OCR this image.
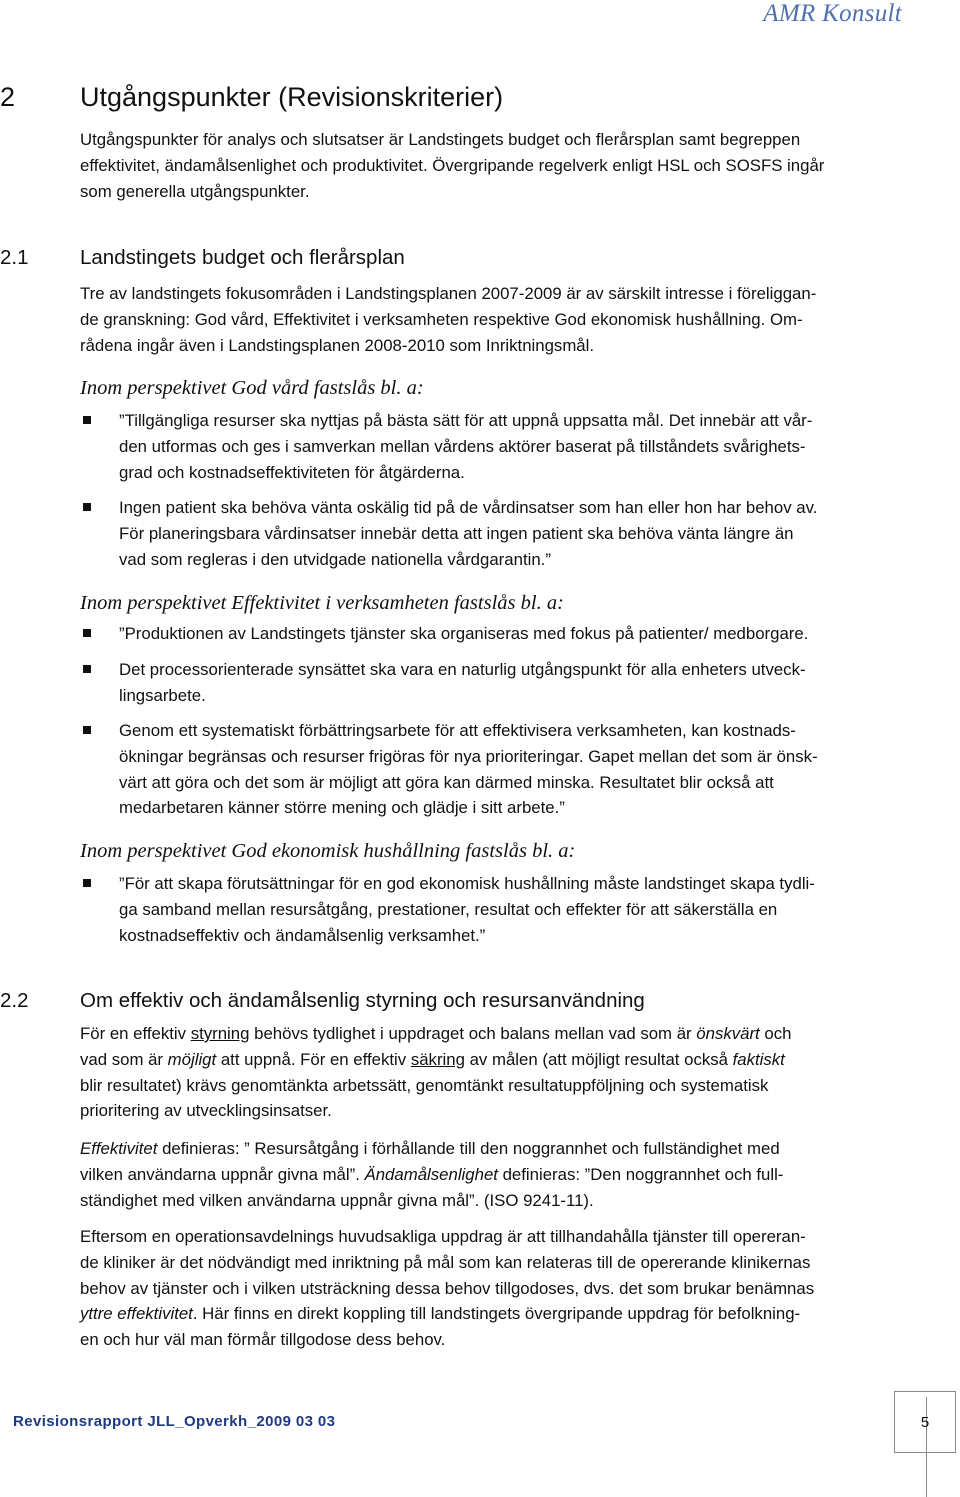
AMR Konsult
2 Utgångspunkter (Revisionskriterier)
Utgångspunkter för analys och slutsatser är Landstingets budget och flerårsplan samt begreppen
effektivitet, ändamålsenlighet och produktivitet. Övergripande regelverk enligt HSL och SOSFS ingår
som generella utgångspunkter.
2.1	Landstingets budget och flerårsplan
Tre av landstingets fokusområden i Landstingsplanen 2007-2009 är av särskilt intresse i föreliggan-
de granskning: God vård, Effektivitet i verksamheten respektive God ekonomisk hushållning. Om-
rådena ingår även i Landstingsplanen 2008-2010 som Inriktningsmål.
Inom perspektivet God vård fastslås bl. a:
”Tillgängliga resurser ska nyttjas på bästa sätt för att uppnå uppsatta mål. Det innebär att vår-
den utformas och ges i samverkan mellan vårdens aktörer baserat på tillståndets svårighets-
grad och kostnadseffektiviteten för åtgärderna.
Ingen patient ska behöva vänta oskälig tid på de vårdinsatser som han eller hon har behov av.
För planeringsbara vårdinsatser innebär detta att ingen patient ska behöva vänta längre än
vad som regleras i den utvidgade nationella vårdgarantin.”
Inom perspektivet Effektivitet i verksamheten fastslås bl. a:
”Produktionen av Landstingets tjänster ska organiseras med fokus på patienter/ medborgare.
Det processorienterade synsättet ska vara en naturlig utgångspunkt för alla enheters utveck-
lingsarbete.
Genom ett systematiskt förbättringsarbete för att effektivisera verksamheten, kan kostnads-
ökningar begränsas och resurser frigöras för nya prioriteringar. Gapet mellan det som är önsk-
värt att göra och det som är möjligt att göra kan därmed minska. Resultatet blir också att
medarbetaren känner större mening och glädje i sitt arbete.”
Inom perspektivet God ekonomisk hushållning fastslås bl. a:
”För att skapa förutsättningar för en god ekonomisk hushållning måste landstinget skapa tydli-
ga samband mellan resursåtgång, prestationer, resultat och effekter för att säkerställa en
kostnadseffektiv och ändamålsenlig verksamhet.”
2.2	Om effektiv och ändamålsenlig styrning och resursanvändning
För en effektiv styrning behövs tydlighet i uppdraget och balans mellan vad som är önskvärt och
vad som är möjligt att uppnå. För en effektiv säkring av målen (att möjligt resultat också faktiskt
blir resultatet) krävs genomtänkta arbetssätt, genomtänkt resultatuppföljning och systematisk
prioritering av utvecklingsinsatser.
Effektivitet definieras: ” Resursåtgång i förhållande till den noggrannhet och fullständighet med
vilken användarna uppnår givna mål”. Ändamålsenlighet definieras: ”Den noggrannhet och full-
ständighet med vilken användarna uppnår givna mål”. (ISO 9241-11).
Eftersom en operationsavdelnings huvudsakliga uppdrag är att tillhandahålla tjänster till opereran-
de kliniker är det nödvändigt med inriktning på mål som kan relateras till de opererande klinikernas
behov av tjänster och i vilken utsträckning dessa behov tillgodoses, dvs. det som brukar benämnas
yttre effektivitet. Här finns en direkt koppling till landstingets övergripande uppdrag för befolkning-
en och hur väl man förmår tillgodose dess behov.
Revisionsrapport JLL_Opverkh_2009 03 03	5
